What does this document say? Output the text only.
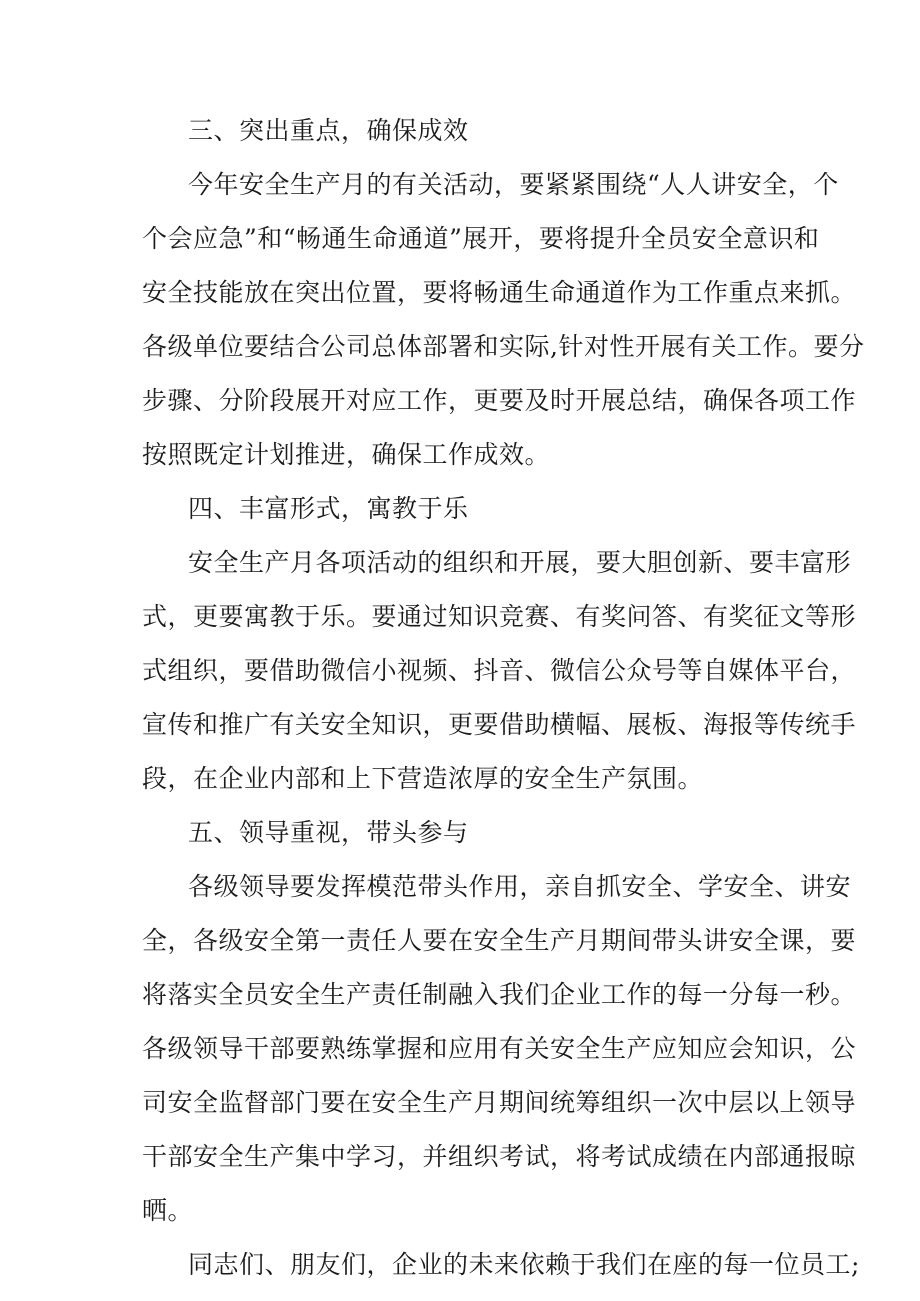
三、突出重点，确保成效
今年安全生产月的有关活动，要紧紧围绕“人人讲安全，个
个会应急”和“畅通生命通道”展开，要将提升全员安全意识和
安全技能放在突出位置，要将畅通生命通道作为工作重点来抓。
各级单位要结合公司总体部署和实际,针对性开展有关工作。要分
步骤、分阶段展开对应工作，更要及时开展总结，确保各项工作
按照既定计划推进，确保工作成效。
四、丰富形式，寓教于乐
安全生产月各项活动的组织和开展，要大胆创新、要丰富形
式，更要寓教于乐。要通过知识竞赛、有奖问答、有奖征文等形
式组织，要借助微信小视频、抖音、微信公众号等自媒体平台，
宣传和推广有关安全知识，更要借助横幅、展板、海报等传统手
段，在企业内部和上下营造浓厚的安全生产氛围。
五、领导重视，带头参与
各级领导要发挥模范带头作用，亲自抓安全、学安全、讲安
全，各级安全第一责任人要在安全生产月期间带头讲安全课，要
将落实全员安全生产责任制融入我们企业工作的每一分每一秒。
各级领导干部要熟练掌握和应用有关安全生产应知应会知识，公
司安全监督部门要在安全生产月期间统筹组织一次中层以上领导
干部安全生产集中学习，并组织考试，将考试成绩在内部通报晾
晒。
同志们、朋友们，企业的未来依赖于我们在座的每一位员工;
